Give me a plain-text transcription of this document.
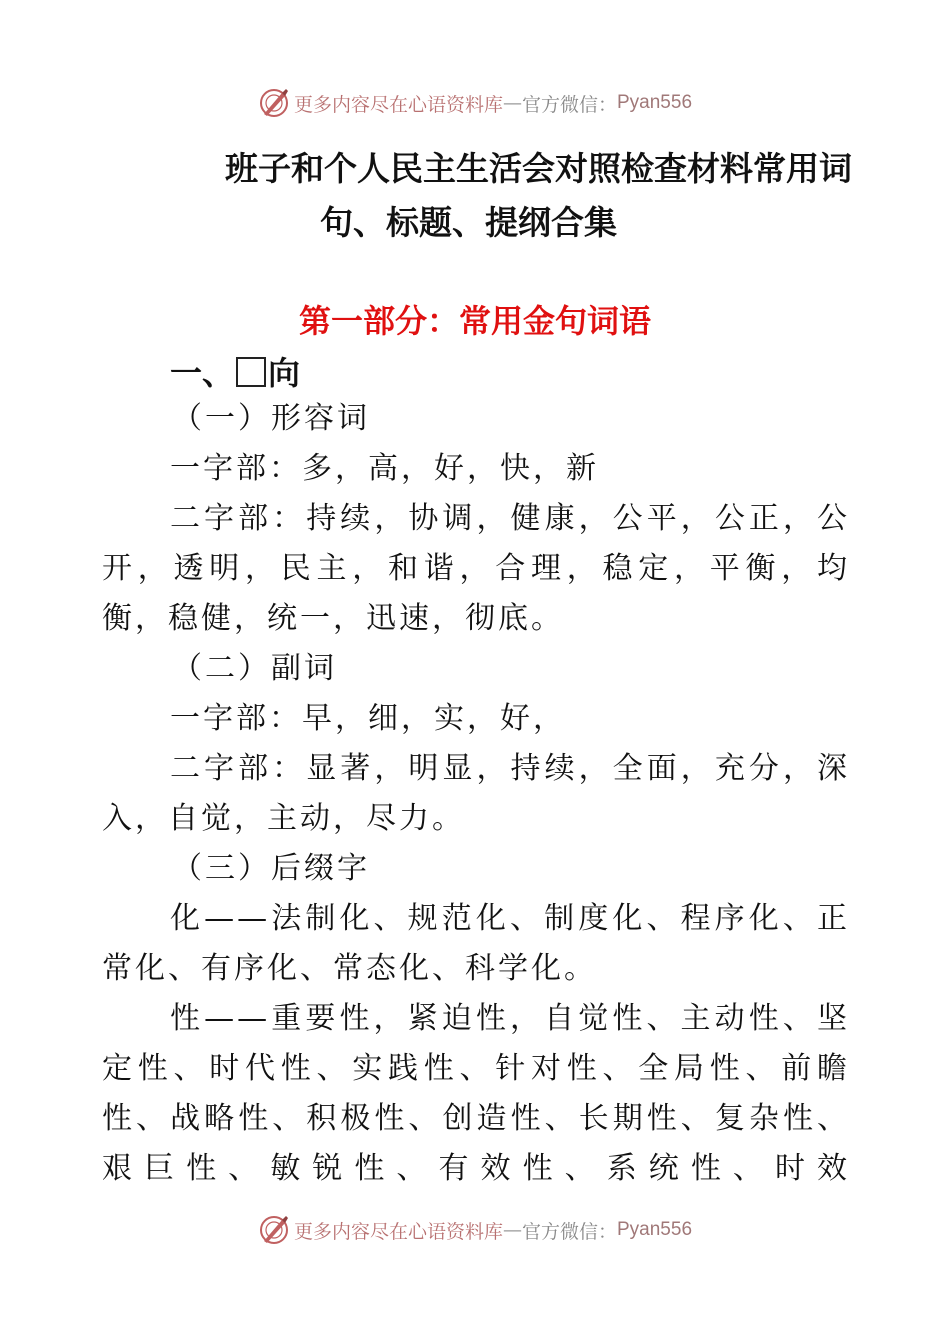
更多内容尽在心语资料库 — 官方微信： Pyan556
班子和个人民主生活会对照检查材料常用词
句、标题、提纲合集
第一部分：常用金句词语
一、 向

（一）形容词

一字部：多，高，好，快，新

二字部：持续，协调，健康，公平，公正，公开，透明，民主，和谐，合理，稳定，平衡，均衡，稳健，统一，迅速，彻底。

（二）副词

一字部：早，细，实，好，

二字部：显著，明显，持续，全面，充分，深入，自觉，主动，尽力。

（三）后缀字

化——法制化、规范化、制度化、程序化、正常化、有序化、常态化、科学化。

性——重要性，紧迫性，自觉性、主动性、坚定性、时代性、实践性、针对性、全局性、前瞻性、战略性、积极性、创造性、长期性、复杂性、艰巨性、敏锐性、有效性、系统性、时效

更多内容尽在心语资料库 — 官方微信： Pyan556
